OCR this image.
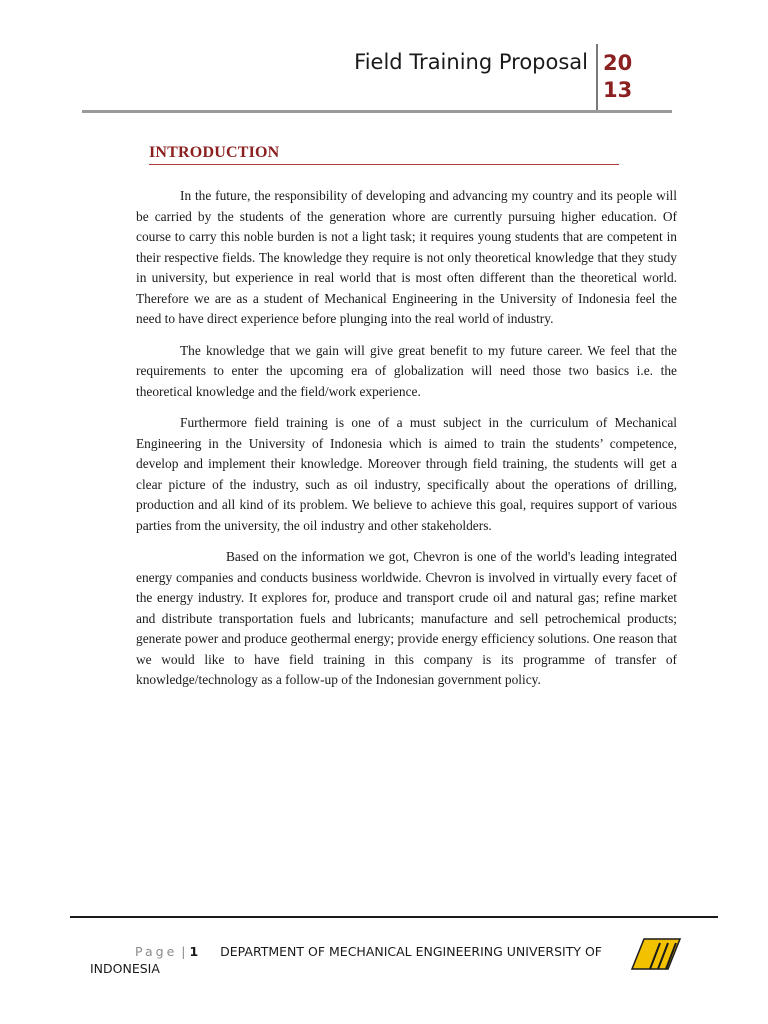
Field Training Proposal 2013
INTRODUCTION

In the future, the responsibility of developing and advancing my country and its people will be carried by the students of the generation whore are currently pursuing higher education. Of course to carry this noble burden is not a light task; it requires young students that are competent in their respective fields. The knowledge they require is not only theoretical knowledge that they study in university, but experience in real world that is most often different than the theoretical world. Therefore we are as a student of Mechanical Engineering in the University of Indonesia feel the need to have direct experience before plunging into the real world of industry.

The knowledge that we gain will give great benefit to my future career. We feel that the requirements to enter the upcoming era of globalization will need those two basics i.e. the theoretical knowledge and the field/work experience.

Furthermore field training is one of a must subject in the curriculum of Mechanical Engineering in the University of Indonesia which is aimed to train the students’ competence, develop and implement their knowledge. Moreover through field training, the students will get a clear picture of the industry, such as oil industry, specifically about the operations of drilling, production and all kind of its problem. We believe to achieve this goal, requires support of various parties from the university, the oil industry and other stakeholders.

Based on the information we got, Chevron is one of the world's leading integrated energy companies and conducts business worldwide. Chevron is involved in virtually every facet of the energy industry. It explores for, produce and transport crude oil and natural gas; refine market and distribute transportation fuels and lubricants; manufacture and sell petrochemical products; generate power and produce geothermal energy; provide energy efficiency solutions. One reason that we would like to have field training in this company is its programme of transfer of knowledge/technology as a follow-up of the Indonesian government policy.

Page | 1 DEPARTMENT OF MECHANICAL ENGINEERING UNIVERSITY OF INDONESIA
